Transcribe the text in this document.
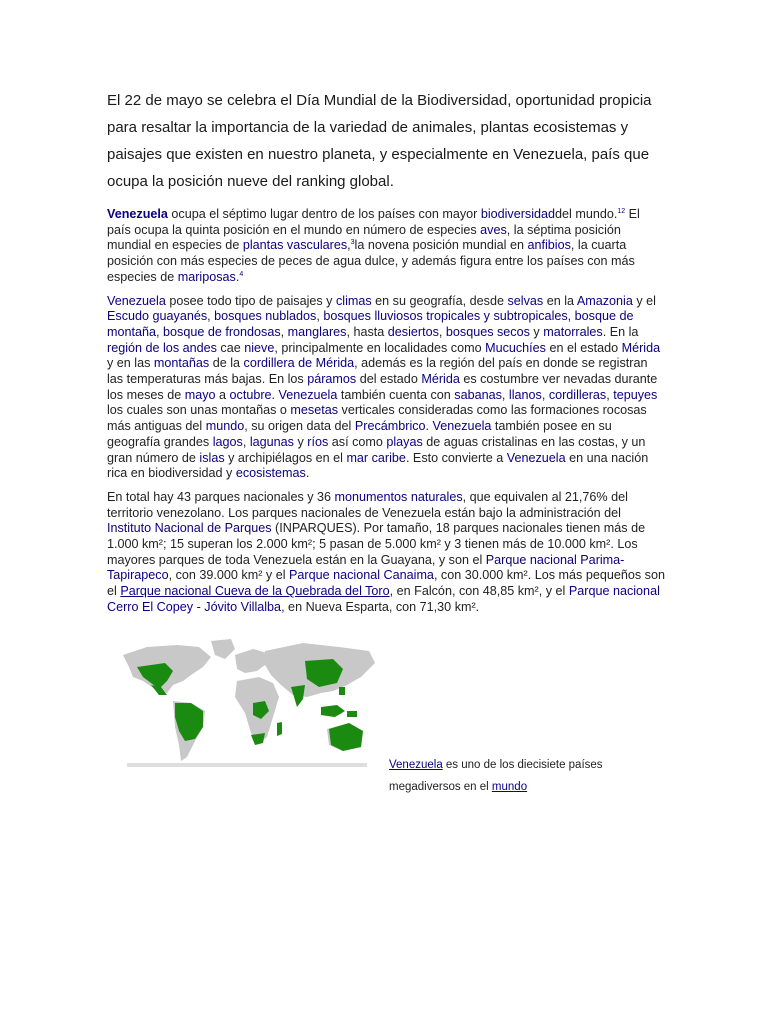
El 22 de mayo se celebra el Día Mundial de la Biodiversidad, oportunidad propicia para resaltar la importancia de la variedad de animales, plantas ecosistemas y paisajes que existen en nuestro planeta, y especialmente en Venezuela, país que ocupa la posición nueve del ranking global.

Venezuela ocupa el séptimo lugar dentro de los países con mayor biodiversidaddel mundo.$^{12}$ El país ocupa la quinta posición en el mundo en número de especies aves, la séptima posición mundial en especies de plantas vasculares,$^3$la novena posición mundial en anfibios, la cuarta posición con más especies de peces de agua dulce, y además figura entre los países con más especies de mariposas.$^4$

Venezuela posee todo tipo de paisajes y climas en su geografía, desde selvas en la Amazonia y el Escudo guayanés, bosques nublados, bosques lluviosos tropicales y subtropicales, bosque de montaña, bosque de frondosas, manglares, hasta desiertos, bosques secos y matorrales. En la región de los andes cae nieve, principalmente en localidades como Mucuchíes en el estado Mérida y en las montañas de la cordillera de Mérida, además es la región del país en donde se registran las temperaturas más bajas. En los páramos del estado Mérida es costumbre ver nevadas durante los meses de mayo a octubre. Venezuela también cuenta con sabanas, llanos, cordilleras, tepuyes los cuales son unas montañas o mesetas verticales consideradas como las formaciones rocosas más antiguas del mundo, su origen data del Precámbrico. Venezuela también posee en su geografía grandes lagos, lagunas y ríos así como playas de aguas cristalinas en las costas, y un gran número de islas y archipiélagos en el mar caribe. Esto convierte a Venezuela en una nación rica en biodiversidad y ecosistemas.

En total hay 43 parques nacionales y 36 monumentos naturales, que equivalen al 21,76% del territorio venezolano. Los parques nacionales de Venezuela están bajo la administración del Instituto Nacional de Parques (INPARQUES). Por tamaño, 18 parques nacionales tienen más de 1.000 km²; 15 superan los 2.000 km²; 5 pasan de 5.000 km² y 3 tienen más de 10.000 km². Los mayores parques de toda Venezuela están en la Guayana, y son el Parque nacional Parima-Tapirapeco, con 39.000 km² y el Parque nacional Canaima, con 30.000 km². Los más pequeños son el Parque nacional Cueva de la Quebrada del Toro, en Falcón, con 48,85 km², y el Parque nacional Cerro El Copey - Jóvito Villalba, en Nueva Esparta, con 71,30 km².

Venezuela es uno de los diecisiete países megadiversos en el mundo
